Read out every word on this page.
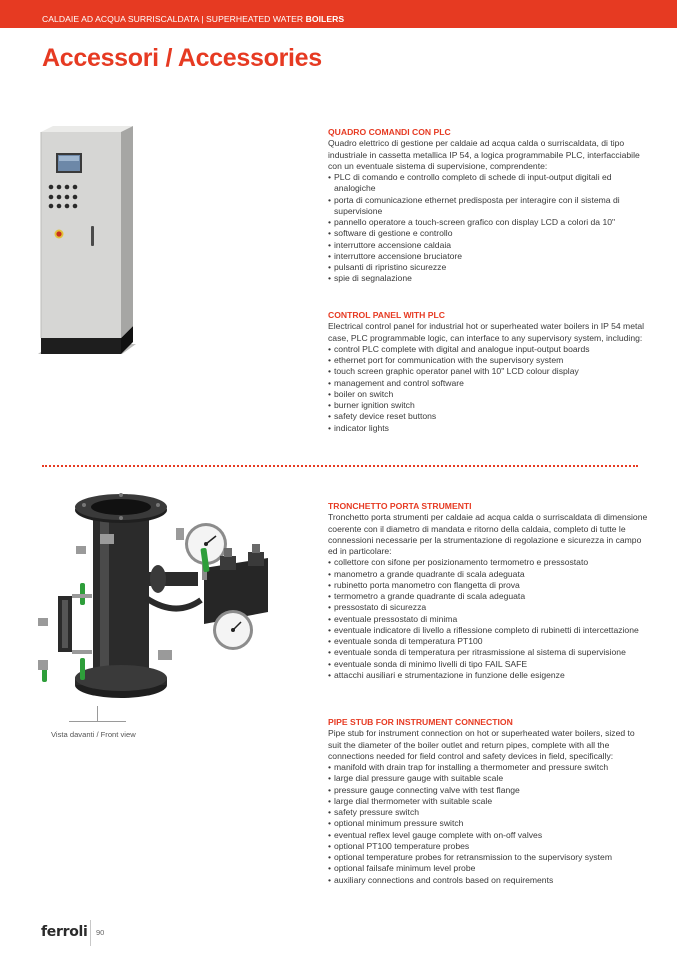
CALDAIE AD ACQUA SURRISCALDATA | SUPERHEATED WATER BOILERS
Accessori / Accessories
QUADRO COMANDI CON PLC

Quadro elettrico di gestione per caldaie ad acqua calda o surriscaldata, di tipo industriale in cassetta metallica IP 54, a logica programmabile PLC, interfacciabile con un eventuale sistema di supervisione, comprendente:

• PLC di comando e controllo completo di schede di input-output digitali ed analogiche
• porta di comunicazione ethernet predisposta per interagire con il sistema di supervisione
• pannello operatore a touch-screen grafico con display LCD a colori da 10"
• software di gestione e controllo
• interruttore accensione caldaia
• interruttore accensione bruciatore
• pulsanti di ripristino sicurezze
• spie di segnalazione
CONTROL PANEL WITH PLC

Electrical control panel for industrial hot or superheated water boilers in IP 54 metal case, PLC programmable logic, can interface to any supervisory system, including:

• control PLC complete with digital and analogue input-output boards
• ethernet port for communication with the supervisory system
• touch screen graphic operator panel with 10" LCD colour display
• management and control software
• boiler on switch
• burner ignition switch
• safety device reset buttons
• indicator lights
Vista davanti / Front view
TRONCHETTO PORTA STRUMENTI

Tronchetto porta strumenti per caldaie ad acqua calda o surriscaldata di dimensione coerente con il diametro di mandata e ritorno della caldaia, completo di tutte le connessioni necessarie per la strumentazione di regolazione e sicurezza in campo ed in particolare:

• collettore con sifone per posizionamento termometro e pressostato
• manometro a grande quadrante di scala adeguata
• rubinetto porta manometro con flangetta di prova
• termometro a grande quadrante di scala adeguata
• pressostato di sicurezza
• eventuale pressostato di minima
• eventuale indicatore di livello a riflessione completo di rubinetti di intercettazione
• eventuale sonda di temperatura PT100
• eventuale sonda di temperatura per ritrasmissione al sistema di supervisione
• eventuale sonda di minimo livelli di tipo FAIL SAFE
• attacchi ausiliari e strumentazione in funzione delle esigenze
PIPE STUB FOR INSTRUMENT CONNECTION

Pipe stub for instrument connection on hot or superheated water boilers, sized to suit the diameter of the boiler outlet and return pipes, complete with all the connections needed for field control and safety devices in field, specifically:

• manifold with drain trap for installing a thermometer and pressure switch
• large dial pressure gauge with suitable scale
• pressure gauge connecting valve with test flange
• large dial thermometer with suitable scale
• safety pressure switch
• optional minimum pressure switch
• eventual reflex level gauge complete with on-off valves
• optional PT100 temperature probes
• optional temperature probes for retransmission to the supervisory system
• optional failsafe minimum level probe
• auxiliary connections and controls based on requirements
ferroli 90
